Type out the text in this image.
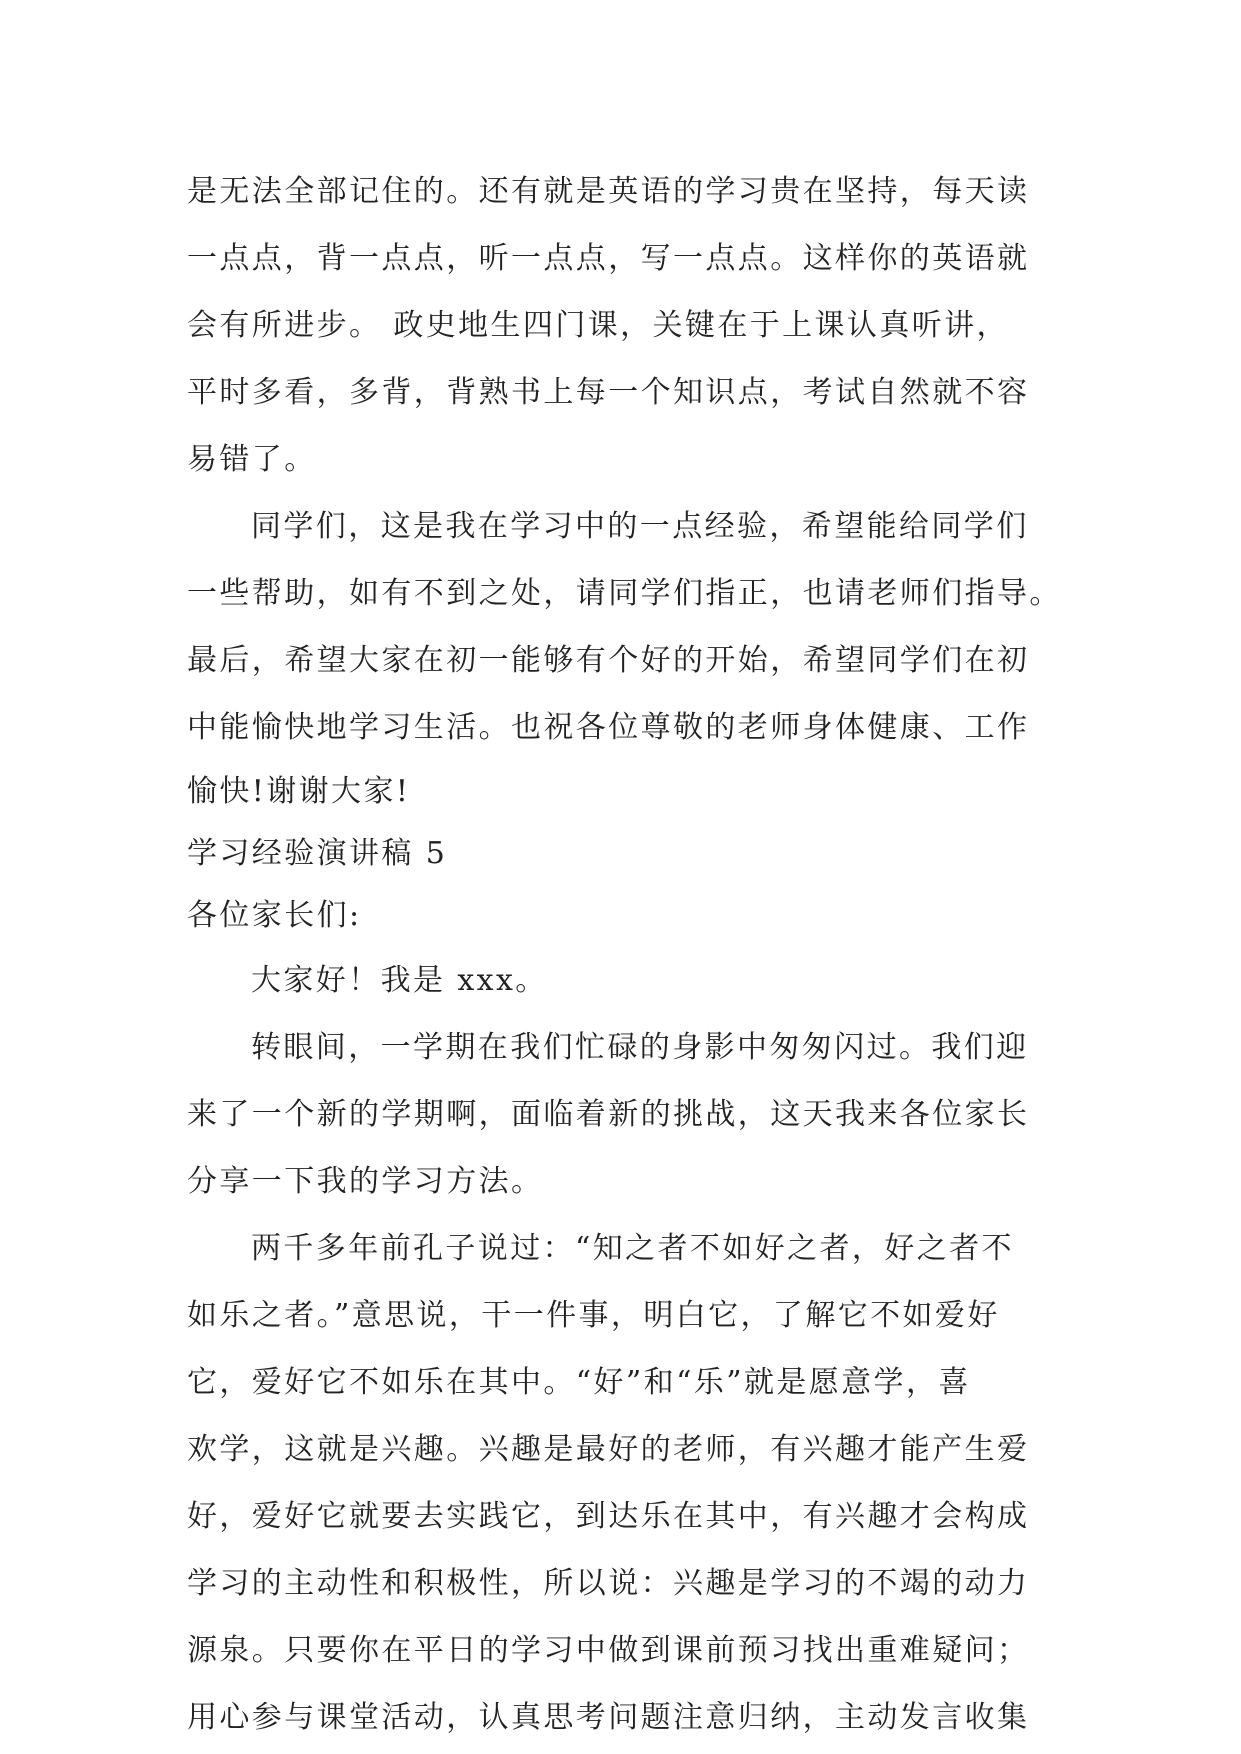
是无法全部记住的。还有就是英语的学习贵在坚持，每天读
一点点，背一点点，听一点点，写一点点。这样你的英语就
会有所进步。 政史地生四门课，关键在于上课认真听讲，
平时多看，多背，背熟书上每一个知识点，考试自然就不容
易错了。
同学们，这是我在学习中的一点经验，希望能给同学们
一些帮助，如有不到之处，请同学们指正，也请老师们指导。
最后，希望大家在初一能够有个好的开始，希望同学们在初
中能愉快地学习生活。也祝各位尊敬的老师身体健康、工作
愉快!谢谢大家!
学习经验演讲稿 5
各位家长们:
大家好！我是 xxx。
转眼间，一学期在我们忙碌的身影中匆匆闪过。我们迎
来了一个新的学期啊，面临着新的挑战，这天我来各位家长
分享一下我的学习方法。
两千多年前孔子说过：“知之者不如好之者，好之者不
如乐之者。”意思说，干一件事，明白它，了解它不如爱好
它，爱好它不如乐在其中。“好”和“乐”就是愿意学，喜
欢学，这就是兴趣。兴趣是最好的老师，有兴趣才能产生爱
好，爱好它就要去实践它，到达乐在其中，有兴趣才会构成
学习的主动性和积极性，所以说：兴趣是学习的不竭的动力
源泉。只要你在平日的学习中做到课前预习找出重难疑问；
用心参与课堂活动，认真思考问题注意归纳，主动发言收集
